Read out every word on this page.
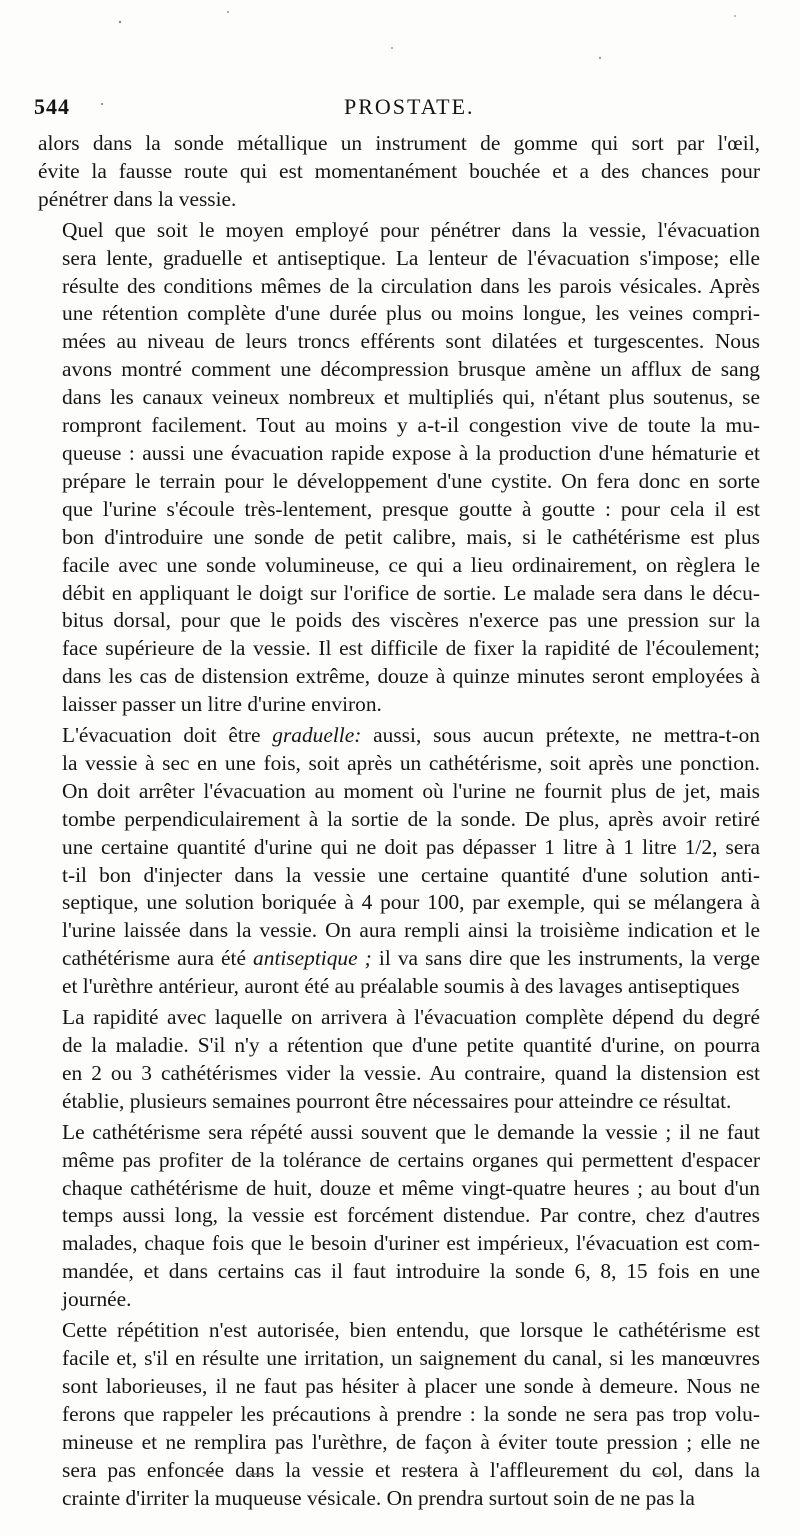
544	PROSTATE.
alors dans la sonde métallique un instrument de gomme qui sort par l'œil,
évite la fausse route qui est momentanément bouchée et a des chances pour
pénétrer dans la vessie.
Quel que soit le moyen employé pour pénétrer dans la vessie, l'évacuation
sera lente, graduelle et antiseptique. La lenteur de l'évacuation s'impose; elle
résulte des conditions mêmes de la circulation dans les parois vésicales. Après
une rétention complète d'une durée plus ou moins longue, les veines compri-
mées au niveau de leurs troncs efférents sont dilatées et turgescentes. Nous
avons montré comment une décompression brusque amène un afflux de sang
dans les canaux veineux nombreux et multipliés qui, n'étant plus soutenus, se
rompront facilement. Tout au moins y a-t-il congestion vive de toute la mu-
queuse : aussi une évacuation rapide expose à la production d'une hématurie et
prépare le terrain pour le développement d'une cystite. On fera donc en sorte
que l'urine s'écoule très-lentement, presque goutte à goutte : pour cela il est
bon d'introduire une sonde de petit calibre, mais, si le cathétérisme est plus
facile avec une sonde volumineuse, ce qui a lieu ordinairement, on règlera le
débit en appliquant le doigt sur l'orifice de sortie. Le malade sera dans le décu-
bitus dorsal, pour que le poids des viscères n'exerce pas une pression sur la
face supérieure de la vessie. Il est difficile de fixer la rapidité de l'écoulement;
dans les cas de distension extrême, douze à quinze minutes seront employées à
laisser passer un litre d'urine environ.
L'évacuation doit être graduelle: aussi, sous aucun prétexte, ne mettra-t-on
la vessie à sec en une fois, soit après un cathétérisme, soit après une ponction.
On doit arrêter l'évacuation au moment où l'urine ne fournit plus de jet, mais
tombe perpendiculairement à la sortie de la sonde. De plus, après avoir retiré
une certaine quantité d'urine qui ne doit pas dépasser 1 litre à 1 litre 1/2, sera
t-il bon d'injecter dans la vessie une certaine quantité d'une solution anti-
septique, une solution boriquée à 4 pour 100, par exemple, qui se mélangera à
l'urine laissée dans la vessie. On aura rempli ainsi la troisième indication et le
cathétérisme aura été antiseptique ; il va sans dire que les instruments, la verge
et l'urèthre antérieur, auront été au préalable soumis à des lavages antiseptiques
La rapidité avec laquelle on arrivera à l'évacuation complète dépend du degré
de la maladie. S'il n'y a rétention que d'une petite quantité d'urine, on pourra
en 2 ou 3 cathétérismes vider la vessie. Au contraire, quand la distension est
établie, plusieurs semaines pourront être nécessaires pour atteindre ce résultat.
Le cathétérisme sera répété aussi souvent que le demande la vessie ; il ne faut
même pas profiter de la tolérance de certains organes qui permettent d'espacer
chaque cathétérisme de huit, douze et même vingt-quatre heures ; au bout d'un
temps aussi long, la vessie est forcément distendue. Par contre, chez d'autres
malades, chaque fois que le besoin d'uriner est impérieux, l'évacuation est com-
mandée, et dans certains cas il faut introduire la sonde 6, 8, 15 fois en une
journée.
Cette répétition n'est autorisée, bien entendu, que lorsque le cathétérisme est
facile et, s'il en résulte une irritation, un saignement du canal, si les manœuvres
sont laborieuses, il ne faut pas hésiter à placer une sonde à demeure. Nous ne
ferons que rappeler les précautions à prendre : la sonde ne sera pas trop volu-
mineuse et ne remplira pas l'urèthre, de façon à éviter toute pression ; elle ne
sera pas enfoncée dans la vessie et restera à l'affleurement du col, dans la
crainte d'irriter la muqueuse vésicale. On prendra surtout soin de ne pas la
